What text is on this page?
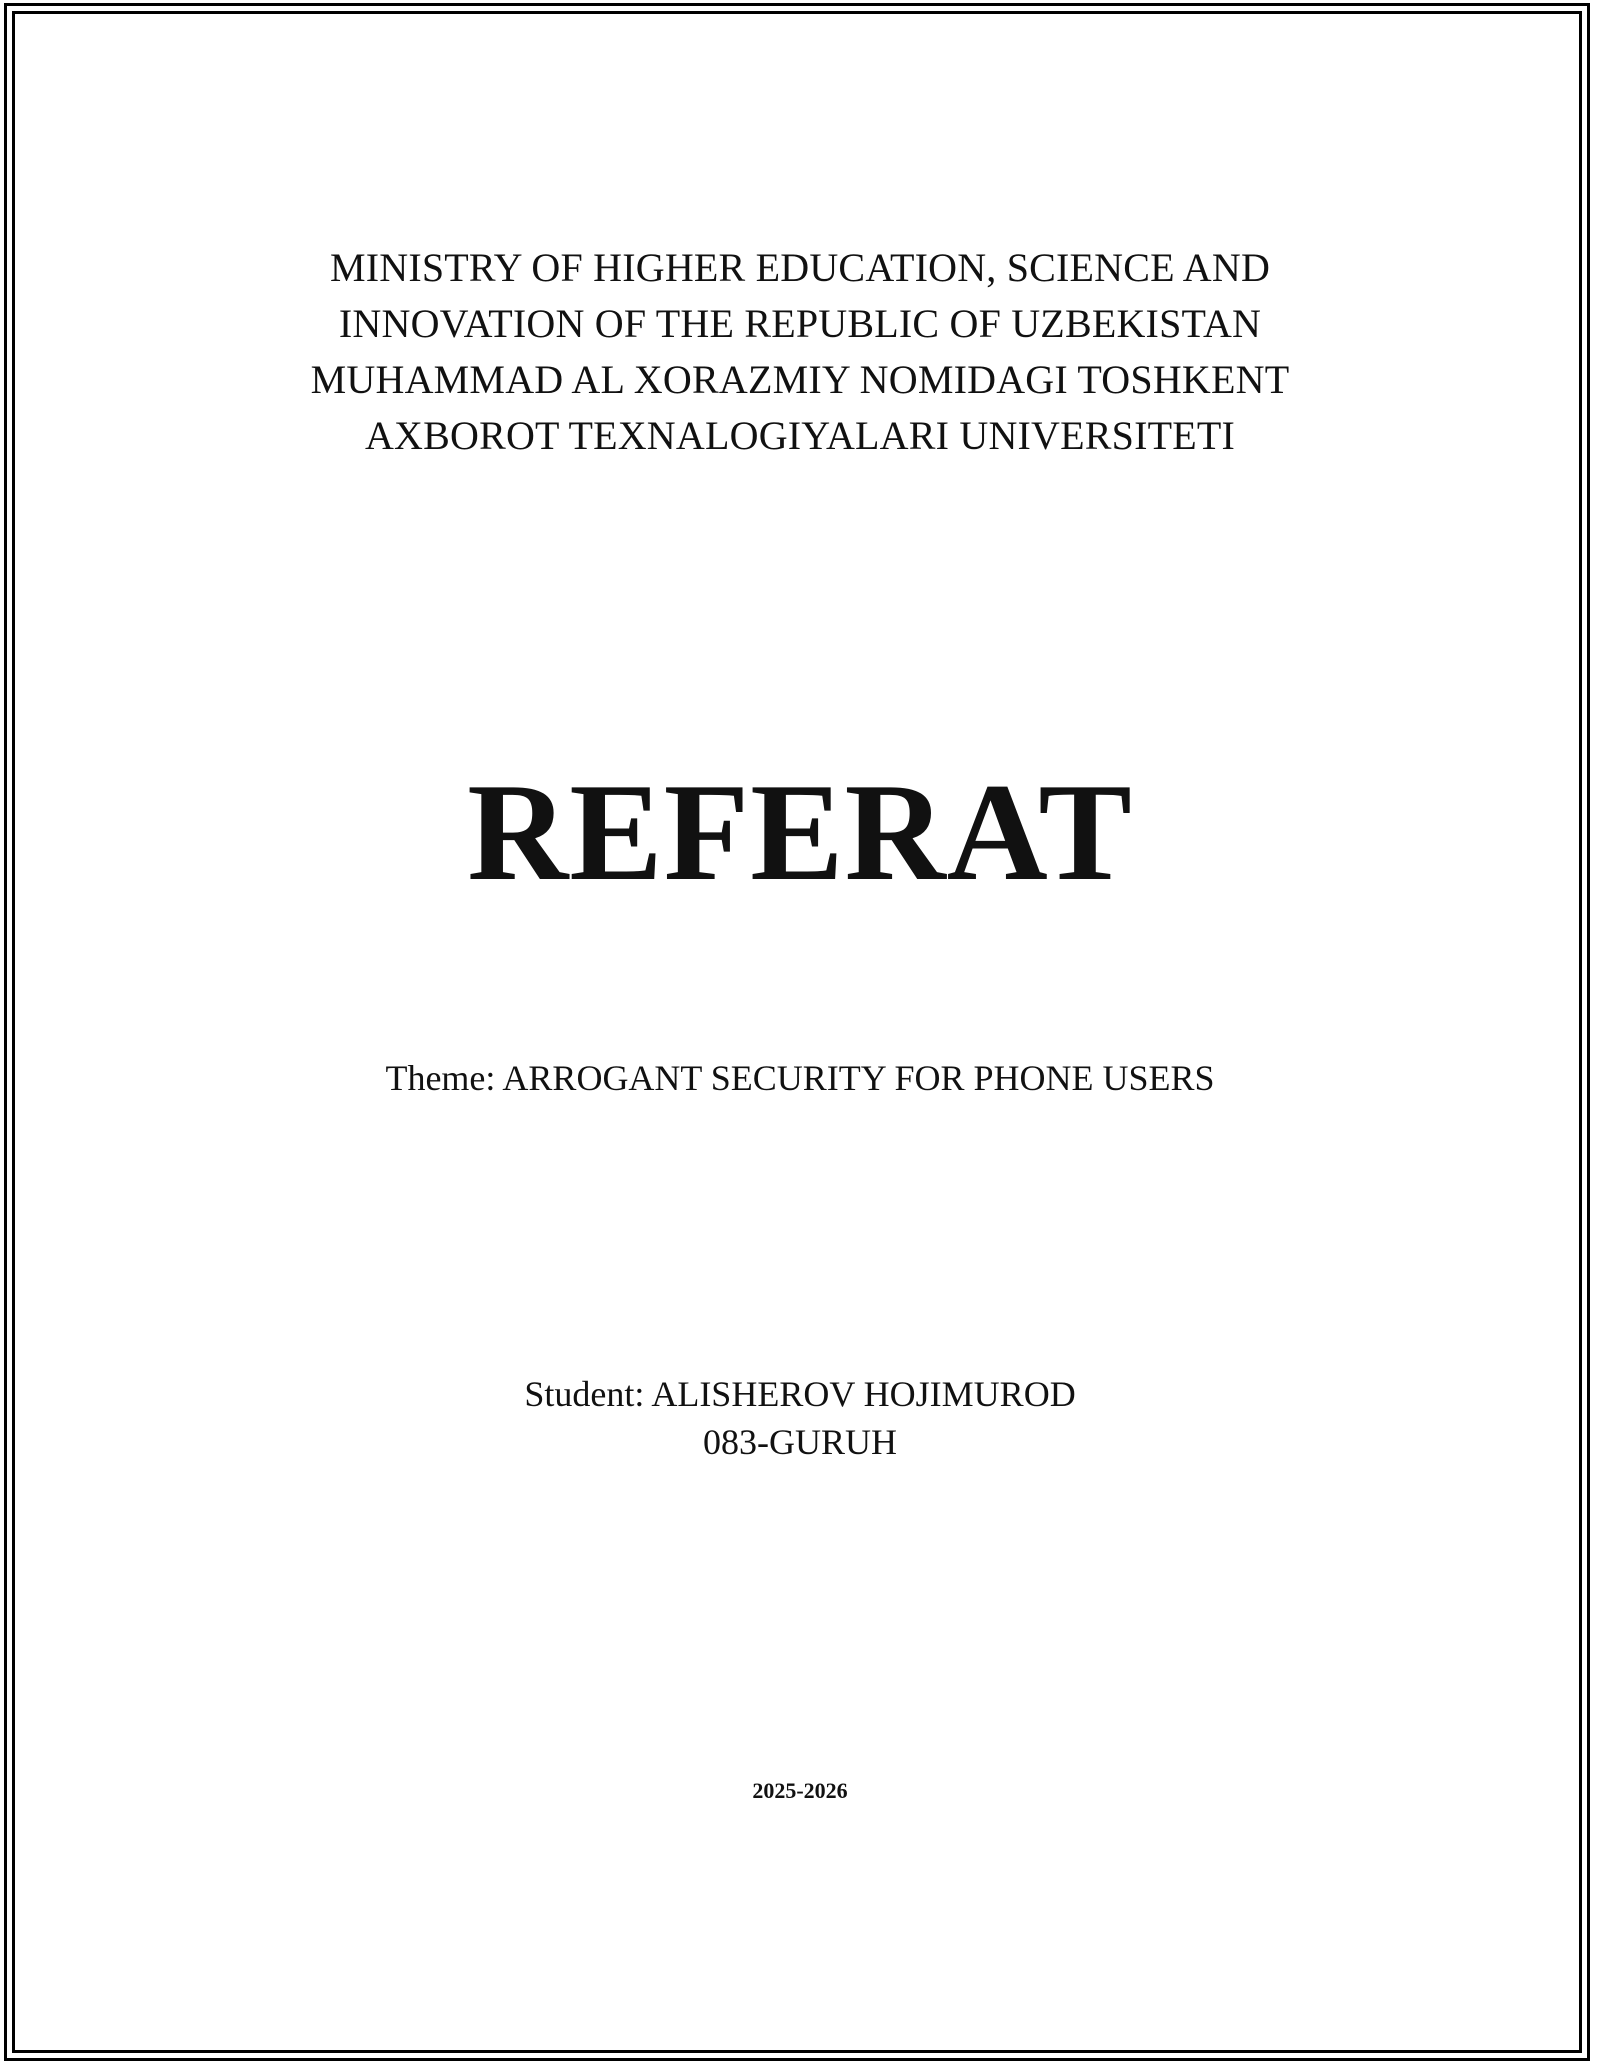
MINISTRY OF HIGHER EDUCATION, SCIENCE AND
INNOVATION OF THE REPUBLIC OF UZBEKISTAN
MUHAMMAD AL XORAZMIY NOMIDAGI TOSHKENT
AXBOROT TEXNALOGIYALARI UNIVERSITETI
REFERAT
Theme: ARROGANT SECURITY FOR PHONE USERS
Student: ALISHEROV HOJIMUROD
083-GURUH
2025-2026
